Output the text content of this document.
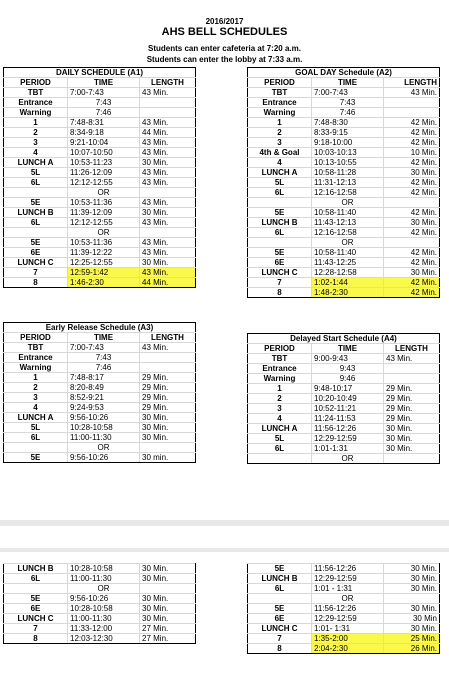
2016/2017
AHS BELL SCHEDULES
Students can enter cafeteria at 7:20 a.m.
Students can enter the lobby at 7:33 a.m.
DAILY SCHEDULE (A1)		
PERIOD	TIME	LENGTH
TBT	7:00-7:43	43 Min.
Entrance	7:43	
Warning	7:46	
1	7:48-8:31	43 Min.
2	8:34-9:18	44 Min.
3	9:21-10:04	43 Min.
4	10:07-10:50	43 Min.
LUNCH A	10:53-11:23	30 Min.
5L	11:26-12:09	43 Min.
6L	12:12-12:55	43 Min.
	OR	
5E	10:53-11:36	43 Min.
LUNCH B	11:39-12:09	30 Min.
6L	12:12-12:55	43 Min.
	OR	
5E	10:53-11:36	43 Min.
6E	11:39-12:22	43 Min.
LUNCH C	12:25-12:55	30 Min.
7	12:59-1:42	43 Min.
8	1:46-2:30	44 Min.
GOAL DAY Schedule (A2)		
PERIOD	TIME	LENGTH
TBT	7:00-7:43	43 Min.
Entrance	7:43	
Warning	7:46	
1	7:48-8:30	42 Min.
2	8:33-9:15	42 Min.
3	9:18-10:00	42 Min.
4th & Goal	10:03-10:13	10 Min.
4	10:13-10:55	42 Min.
LUNCH A	10:58-11:28	30 Min.
5L	11:31-12:13	42 Min.
6L	12:16-12:58	42 Min.
	OR	
5E	10:58-11:40	42 Min.
LUNCH B	11:43-12:13	30 Min.
6L	12:16-12:58	42 Min.
	OR	
5E	10:58-11:40	42 Min.
6E	11:43-12:25	42 Min.
LUNCH C	12:28-12:58	30 Min.
7	1:02-1:44	42 Min.
8	1:48-2:30	42 Min.
Early Release Schedule (A3)		
PERIOD	TIME	LENGTH
TBT	7:00-7:43	43 Min.
Entrance	7:43	
Warning	7:46	
1	7:48-8:17	29 Min.
2	8:20-8:49	29 Min.
3	8:52-9:21	29 Min.
4	9:24-9:53	29 Min.
LUNCH A	9:56-10:26	30 Min.
5L	10:28-10:58	30 Min.
6L	11:00-11:30	30 Min.
	OR	
5E	9:56-10:26	30 min.
Delayed Start Schedule (A4)		
PERIOD	TIME	LENGTH
TBT	9:00-9:43	43 Min.
Entrance	9:43	
Warning	9:46	
1	9:48-10:17	29 Min.
2	10:20-10:49	29 Min.
3	10:52-11:21	29 Min.
4	11:24-11:53	29 Min.
LUNCH A	11:56-12:26	30 Min.
5L	12:29-12:59	30 Min.
6L	1:01-1:31	30 Min.
	OR	
LUNCH B	10:28-10:58	30 Min.
6L	11:00-11:30	30 Min.
	OR	
5E	9:56-10:26	30 Min.
6E	10:28-10:58	30 Min.
LUNCH C	11:00-11:30	30 Min.
7	11:33-12:00	27 Min.
8	12:03-12:30	27 Min.
5E	11:56-12:26	30 Min.
LUNCH B	12:29-12:59	30 Min.
6L	1:01 - 1:31	30 Min.
	OR	
5E	11:56-12:26	30 Min.
6E	12:29-12:59	30 Min
LUNCH C	1:01- 1:31	30 Min.
7	1:35-2:00	25 Min.
8	2:04-2:30	26 Min.
